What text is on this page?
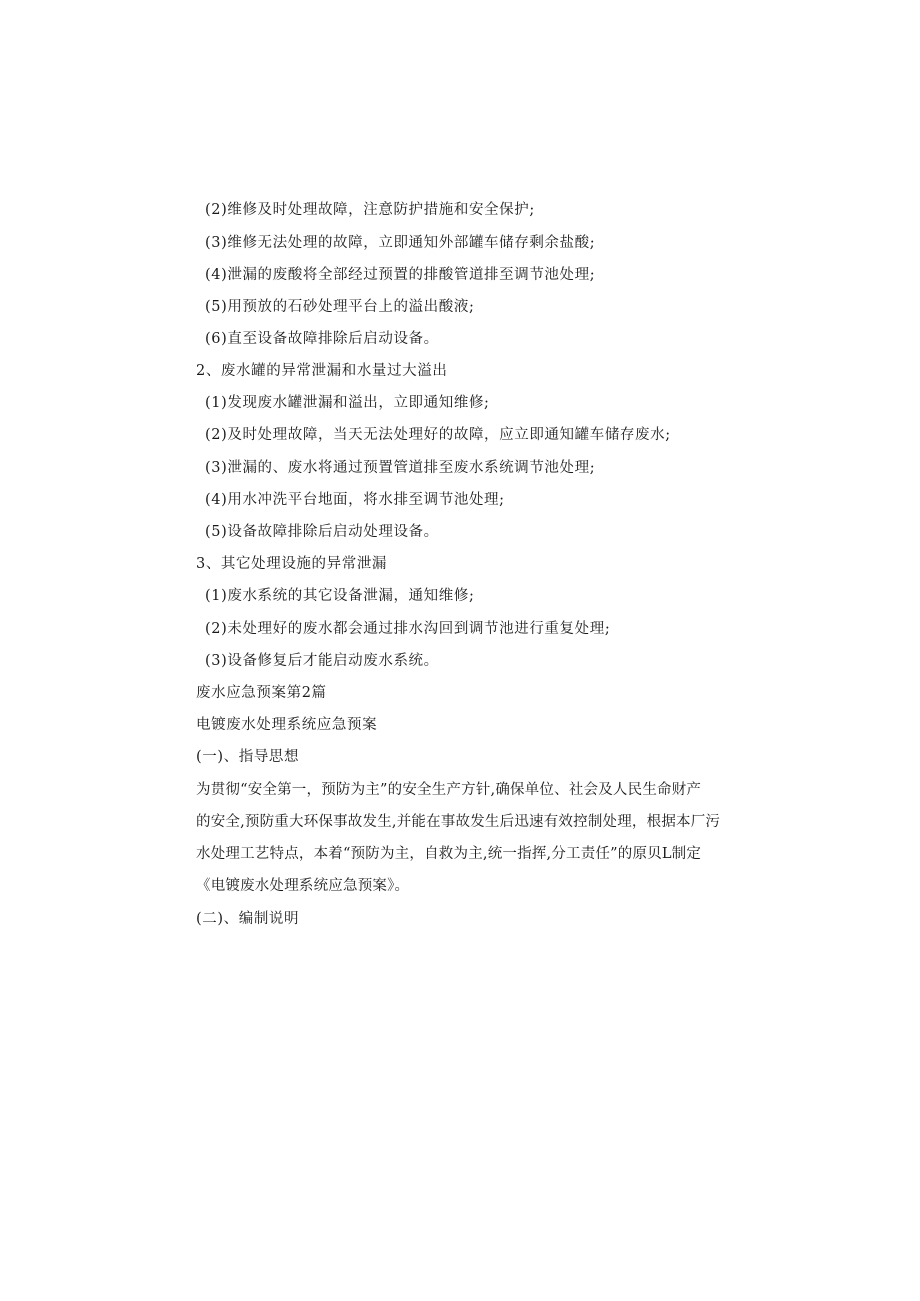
(2)维修及时处理故障，注意防护措施和安全保护;
(3)维修无法处理的故障，立即通知外部罐车储存剩余盐酸;
(4)泄漏的废酸将全部经过预置的排酸管道排至调节池处理;
(5)用预放的石砂处理平台上的溢出酸液;
(6)直至设备故障排除后启动设备。
2、废水罐的异常泄漏和水量过大溢出
(1)发现废水罐泄漏和溢出，立即通知维修;
(2)及时处理故障，当天无法处理好的故障，应立即通知罐车储存废水;
(3)泄漏的、废水将通过预置管道排至废水系统调节池处理;
(4)用水冲洗平台地面，将水排至调节池处理;
(5)设备故障排除后启动处理设备。
3、其它处理设施的异常泄漏
(1)废水系统的其它设备泄漏，通知维修;
(2)未处理好的废水都会通过排水沟回到调节池进行重复处理;
(3)设备修复后才能启动废水系统。
废水应急预案第2篇
电镀废水处理系统应急预案
(一)、指导思想
为贯彻“安全第一，预防为主”的安全生产方针,确保单位、社会及人民生命财产
的安全,预防重大环保事故发生,并能在事故发生后迅速有效控制处理，根据本厂污
水处理工艺特点，本着“预防为主，自救为主,统一指挥,分工责任”的原贝L制定
《电镀废水处理系统应急预案》。
(二)、编制说明
